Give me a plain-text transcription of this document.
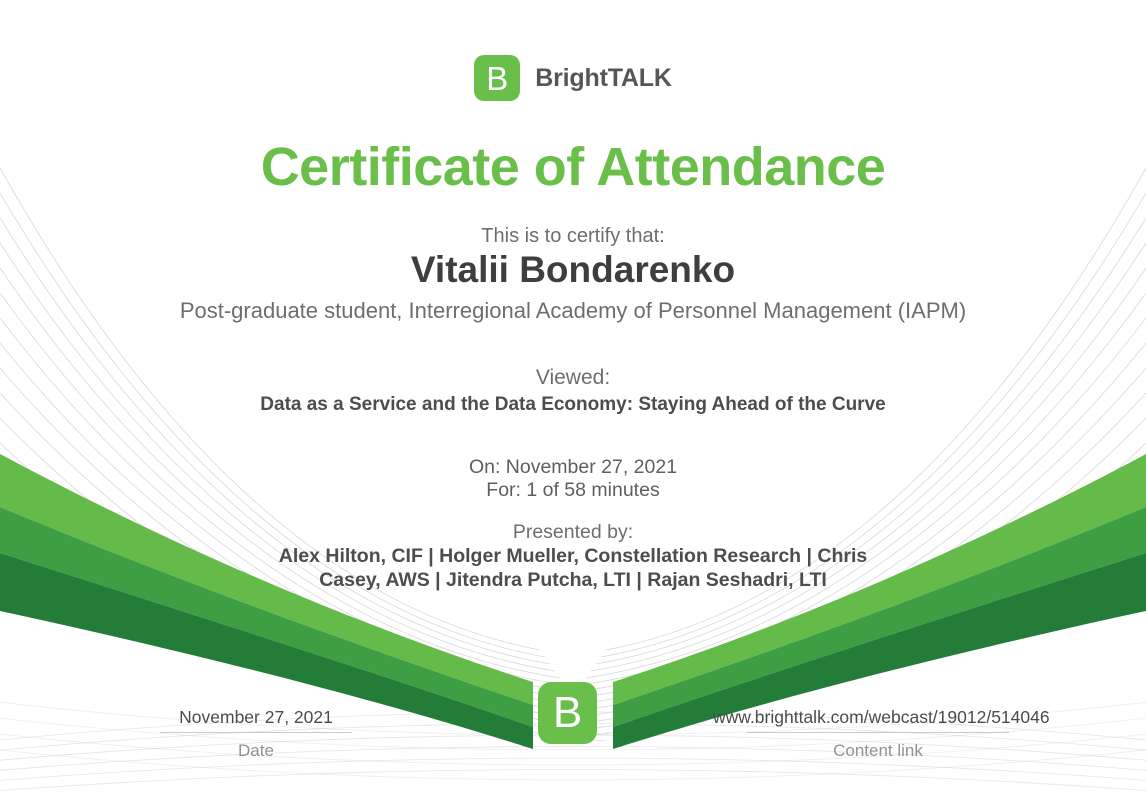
B BrightTALK
Certificate of Attendance
This is to certify that:
Vitalii Bondarenko
Post-graduate student, Interregional Academy of Personnel Management (IAPM)
Viewed:
Data as a Service and the Data Economy: Staying Ahead of the Curve
On: November 27, 2021
For: 1 of 58 minutes
Presented by:
Alex Hilton, CIF | Holger Mueller, Constellation Research | Chris
Casey, AWS | Jitendra Putcha, LTI | Rajan Seshadri, LTI
November 27, 2021
Date
B	www.brighttalk.com/webcast/19012/514046
Content link
